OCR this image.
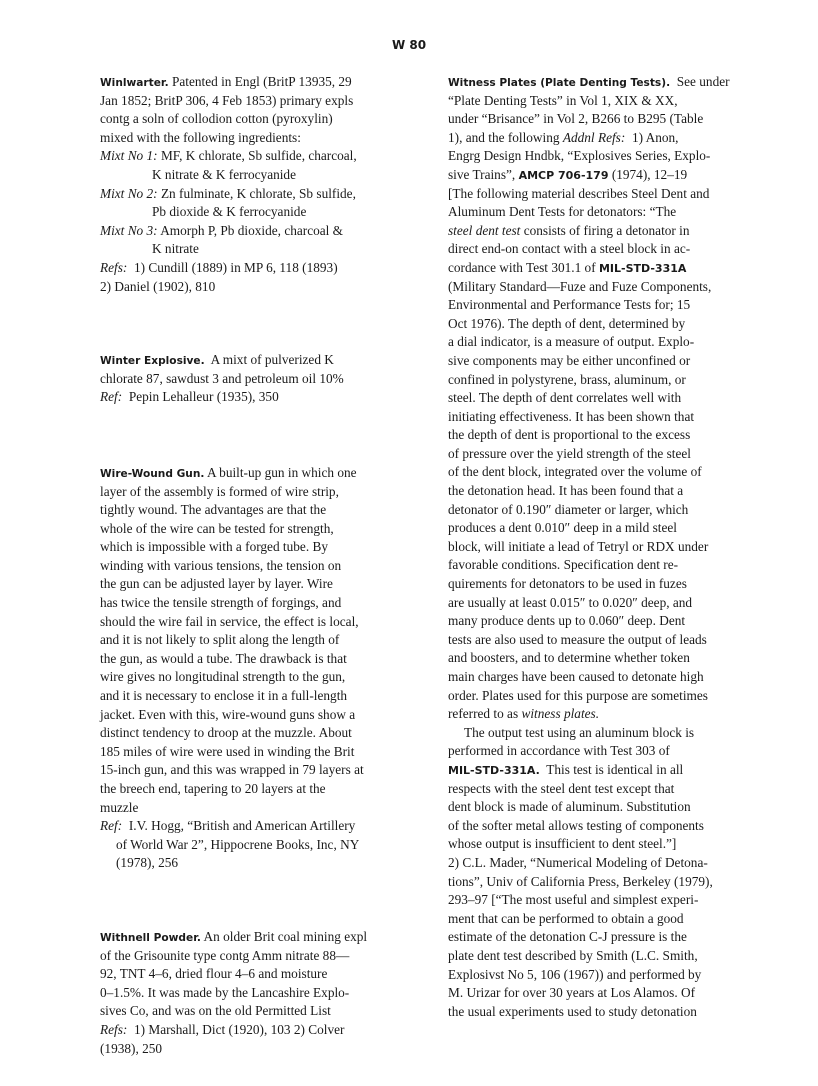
W 80
Winlwarter. Patented in Engl (BritP 13935, 29
Jan 1852; BritP 306, 4 Feb 1853) primary expls
contg a soln of collodion cotton (pyroxylin)
mixed with the following ingredients:
Mixt No 1: MF, K chlorate, Sb sulfide, charcoal,
K nitrate & K ferrocyanide
Mixt No 2: Zn fulminate, K chlorate, Sb sulfide,
Pb dioxide & K ferrocyanide
Mixt No 3: Amorph P, Pb dioxide, charcoal &
K nitrate
Refs: 1) Cundill (1889) in MP 6, 118 (1893)
2) Daniel (1902), 810
Winter Explosive. A mixt of pulverized K
chlorate 87, sawdust 3 and petroleum oil 10%
Ref: Pepin Lehalleur (1935), 350
Wire-Wound Gun. A built-up gun in which one
layer of the assembly is formed of wire strip,
tightly wound. The advantages are that the
whole of the wire can be tested for strength,
which is impossible with a forged tube. By
winding with various tensions, the tension on
the gun can be adjusted layer by layer. Wire
has twice the tensile strength of forgings, and
should the wire fail in service, the effect is local,
and it is not likely to split along the length of
the gun, as would a tube. The drawback is that
wire gives no longitudinal strength to the gun,
and it is necessary to enclose it in a full-length
jacket. Even with this, wire-wound guns show a
distinct tendency to droop at the muzzle. About
185 miles of wire were used in winding the Brit
15-inch gun, and this was wrapped in 79 layers at
the breech end, tapering to 20 layers at the
muzzle
Ref: I.V. Hogg, “British and American Artillery
of World War 2”, Hippocrene Books, Inc, NY
(1978), 256
Withnell Powder. An older Brit coal mining expl
of the Grisounite type contg Amm nitrate 88—
92, TNT 4–6, dried flour 4–6 and moisture
0–1.5%. It was made by the Lancashire Explo-
sives Co, and was on the old Permitted List
Refs: 1) Marshall, Dict (1920), 103 2) Colver
(1938), 250
Witness Plates (Plate Denting Tests). See under
“Plate Denting Tests” in Vol 1, XIX & XX,
under “Brisance” in Vol 2, B266 to B295 (Table
1), and the following Addnl Refs: 1) Anon,
Engrg Design Hndbk, “Explosives Series, Explo-
sive Trains”, AMCP 706-179 (1974), 12–19
[The following material describes Steel Dent and
Aluminum Dent Tests for detonators: “The
steel dent test consists of firing a detonator in
direct end-on contact with a steel block in ac-
cordance with Test 301.1 of MIL-STD-331A
(Military Standard—Fuze and Fuze Components,
Environmental and Performance Tests for; 15
Oct 1976). The depth of dent, determined by
a dial indicator, is a measure of output. Explo-
sive components may be either unconfined or
confined in polystyrene, brass, aluminum, or
steel. The depth of dent correlates well with
initiating effectiveness. It has been shown that
the depth of dent is proportional to the excess
of pressure over the yield strength of the steel
of the dent block, integrated over the volume of
the detonation head. It has been found that a
detonator of 0.190″ diameter or larger, which
produces a dent 0.010″ deep in a mild steel
block, will initiate a lead of Tetryl or RDX under
favorable conditions. Specification dent re-
quirements for detonators to be used in fuzes
are usually at least 0.015″ to 0.020″ deep, and
many produce dents up to 0.060″ deep. Dent
tests are also used to measure the output of leads
and boosters, and to determine whether token
main charges have been caused to detonate high
order. Plates used for this purpose are sometimes
referred to as witness plates.
The output test using an aluminum block is
performed in accordance with Test 303 of
MIL-STD-331A. This test is identical in all
respects with the steel dent test except that
dent block is made of aluminum. Substitution
of the softer metal allows testing of components
whose output is insufficient to dent steel.”]
2) C.L. Mader, “Numerical Modeling of Detona-
tions”, Univ of California Press, Berkeley (1979),
293–97 [“The most useful and simplest experi-
ment that can be performed to obtain a good
estimate of the detonation C-J pressure is the
plate dent test described by Smith (L.C. Smith,
Explosivst No 5, 106 (1967)) and performed by
M. Urizar for over 30 years at Los Alamos. Of
the usual experiments used to study detonation
